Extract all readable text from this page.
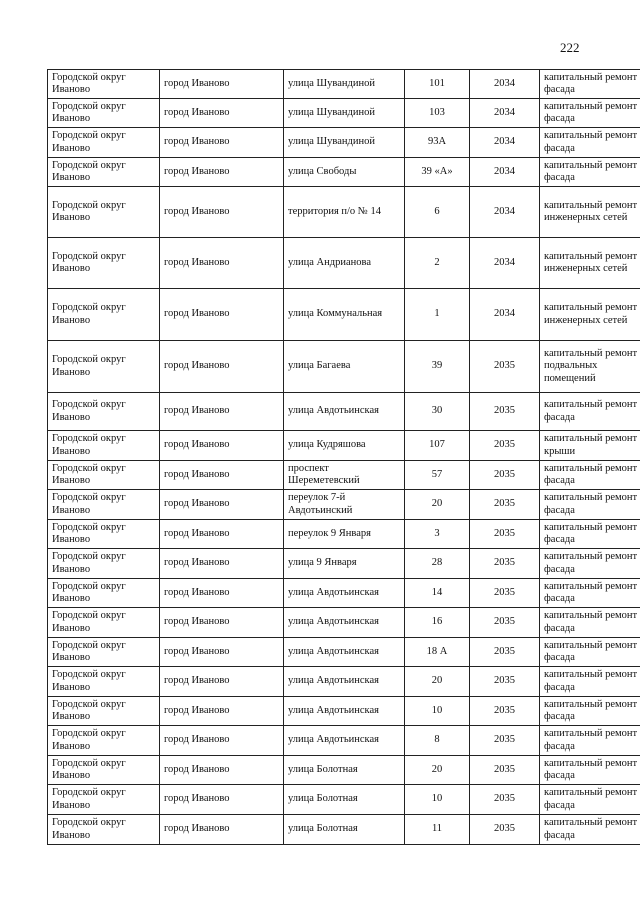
222
Городской округ Иваново	город Иваново	улица Шувандиной	101	2034	капитальный ремонт фасада
Городской округ Иваново	город Иваново	улица Шувандиной	103	2034	капитальный ремонт фасада
Городской округ Иваново	город Иваново	улица Шувандиной	93А	2034	капитальный ремонт фасада
Городской округ Иваново	город Иваново	улица Свободы	39 «А»	2034	капитальный ремонт фасада
Городской округ Иваново	город Иваново	территория п/о № 14	6	2034	капитальный ремонт инженерных сетей
Городской округ Иваново	город Иваново	улица Андрианова	2	2034	капитальный ремонт инженерных сетей
Городской округ Иваново	город Иваново	улица Коммунальная	1	2034	капитальный ремонт инженерных сетей
Городской округ Иваново	город Иваново	улица Багаева	39	2035	капитальный ремонт подвальных помещений
Городской округ Иваново	город Иваново	улица Авдотьинская	30	2035	капитальный ремонт фасада
Городской округ Иваново	город Иваново	улица Кудряшова	107	2035	капитальный ремонт крыши
Городской округ Иваново	город Иваново	проспект Шереметевский	57	2035	капитальный ремонт фасада
Городской округ Иваново	город Иваново	переулок 7-й Авдотьинский	20	2035	капитальный ремонт фасада
Городской округ Иваново	город Иваново	переулок 9 Января	3	2035	капитальный ремонт фасада
Городской округ Иваново	город Иваново	улица 9 Января	28	2035	капитальный ремонт фасада
Городской округ Иваново	город Иваново	улица Авдотьинская	14	2035	капитальный ремонт фасада
Городской округ Иваново	город Иваново	улица Авдотьинская	16	2035	капитальный ремонт фасада
Городской округ Иваново	город Иваново	улица Авдотьинская	18 А	2035	капитальный ремонт фасада
Городской округ Иваново	город Иваново	улица Авдотьинская	20	2035	капитальный ремонт фасада
Городской округ Иваново	город Иваново	улица Авдотьинская	10	2035	капитальный ремонт фасада
Городской округ Иваново	город Иваново	улица Авдотьинская	8	2035	капитальный ремонт фасада
Городской округ Иваново	город Иваново	улица Болотная	20	2035	капитальный ремонт фасада
Городской округ Иваново	город Иваново	улица Болотная	10	2035	капитальный ремонт фасада
Городской округ Иваново	город Иваново	улица Болотная	11	2035	капитальный ремонт фасада
